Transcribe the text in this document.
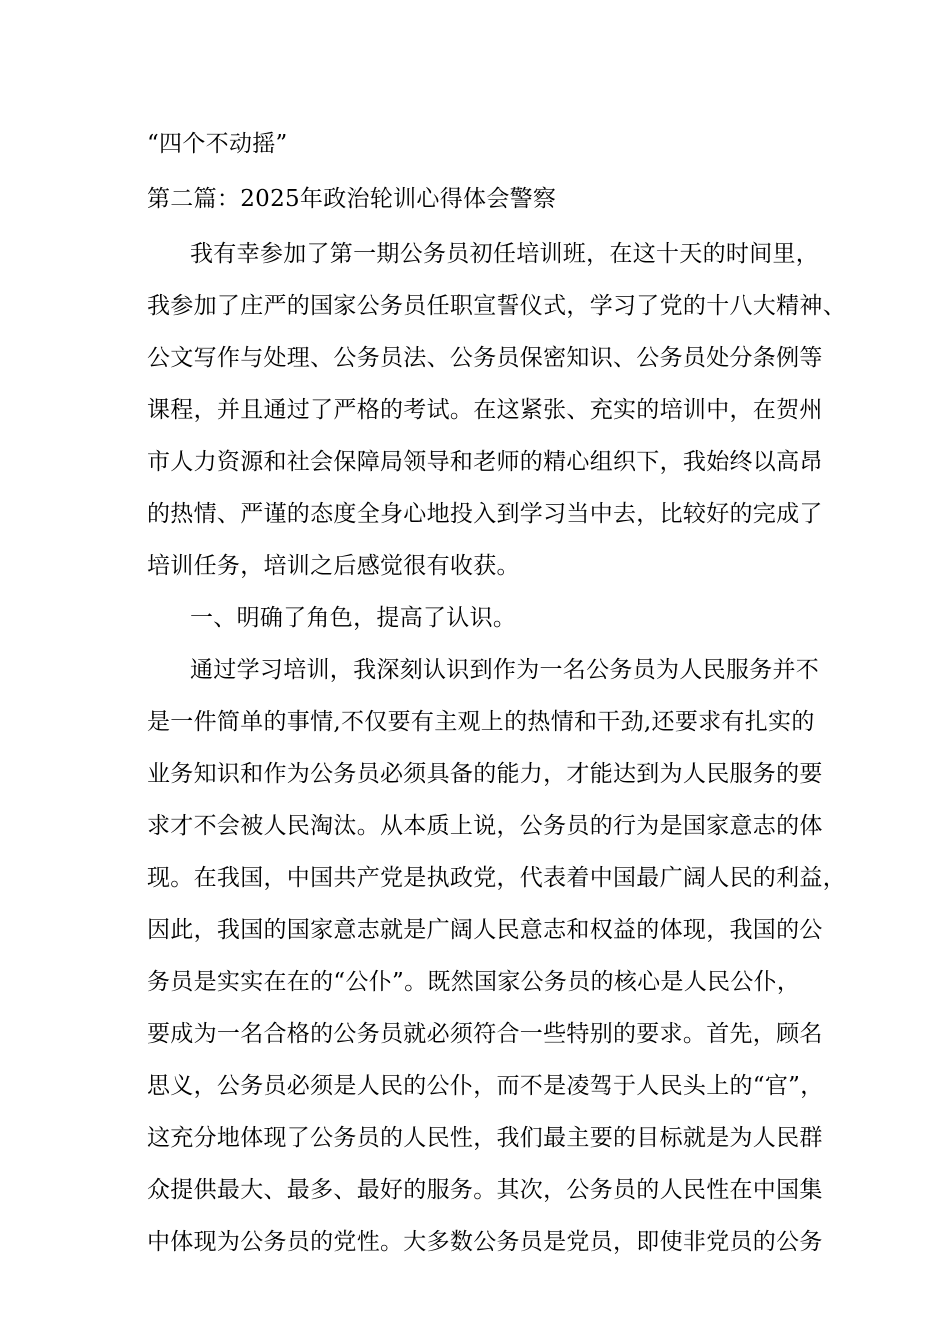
“四个不动摇”
第二篇：2025年政治轮训心得体会警察
我有幸参加了第一期公务员初任培训班，在这十天的时间里，
我参加了庄严的国家公务员任职宣誓仪式，学习了党的十八大精神、
公文写作与处理、公务员法、公务员保密知识、公务员处分条例等
课程，并且通过了严格的考试。在这紧张、充实的培训中，在贺州
市人力资源和社会保障局领导和老师的精心组织下，我始终以高昂
的热情、严谨的态度全身心地投入到学习当中去，比较好的完成了
培训任务，培训之后感觉很有收获。
一、明确了角色，提高了认识。
通过学习培训，我深刻认识到作为一名公务员为人民服务并不
是一件简单的事情,不仅要有主观上的热情和干劲,还要求有扎实的
业务知识和作为公务员必须具备的能力，才能达到为人民服务的要
求才不会被人民淘汰。从本质上说，公务员的行为是国家意志的体
现。在我国，中国共产党是执政党，代表着中国最广阔人民的利益，
因此，我国的国家意志就是广阔人民意志和权益的体现，我国的公
务员是实实在在的“公仆”。既然国家公务员的核心是人民公仆，
要成为一名合格的公务员就必须符合一些特别的要求。首先，顾名
思义，公务员必须是人民的公仆，而不是凌驾于人民头上的“官”，
这充分地体现了公务员的人民性，我们最主要的目标就是为人民群
众提供最大、最多、最好的服务。其次，公务员的人民性在中国集
中体现为公务员的党性。大多数公务员是党员，即使非党员的公务
